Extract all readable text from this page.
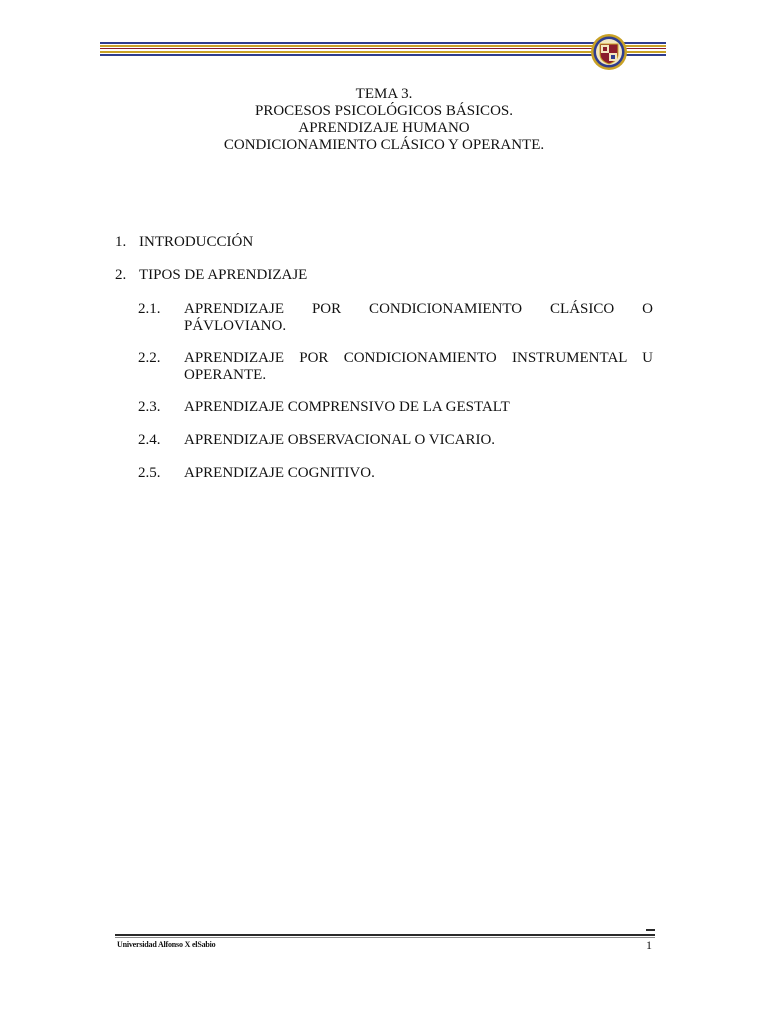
TEMA 3.
PROCESOS PSICOLÓGICOS BÁSICOS.
APRENDIZAJE HUMANO
CONDICIONAMIENTO CLÁSICO Y OPERANTE.
1. INTRODUCCIÓN
2. TIPOS DE APRENDIZAJE
2.1.	APRENDIZAJE POR CONDICIONAMIENTO CLÁSICO O
PÁVLOVIANO.
2.2.	APRENDIZAJE POR CONDICIONAMIENTO INSTRUMENTAL U
OPERANTE.
2.3.	APRENDIZAJE COMPRENSIVO DE LA GESTALT
2.4.	APRENDIZAJE OBSERVACIONAL O VICARIO.
2.5.	APRENDIZAJE COGNITIVO.
Universidad Alfonso X elSabio	1
